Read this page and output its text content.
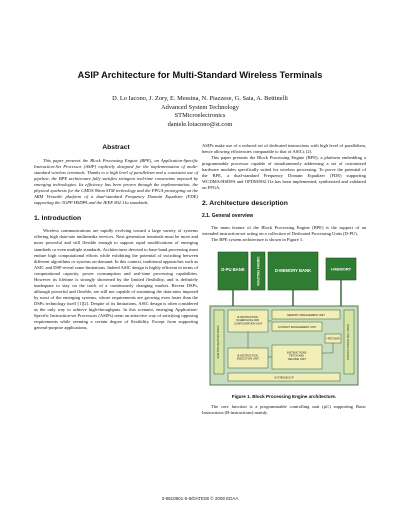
ASIP Architecture for Multi-Standard Wireless Terminals
D. Lo Iacono, J. Zory, E. Messina, N. Piazzese, G. Saia, A. Bettinelli
Advanced System Technology
STMicroelectronics
daniele.loiacono@st.com
Abstract

This paper presents the Block Processing Engine (BPE), an Application-Specific Instruction-Set Processor (ASIP) explicitly designed for the implementation of multi-standard wireless terminals. Thanks to a high level of parallelism and a consistent use of pipeline, the BPE architecture fully satisfies stringent real-time constraints imposed by emerging technologies. Its efficiency has been proven through the implementation, the physical synthesis for the CMOS 90nm STM technology and the FPGA prototyping on the ARM Versatile platform of a dual-standard Frequency Domain Equalizer (FDE) supporting the 3GPP HSDPA and the IEEE 802.11a standards.

1. Introduction

Wireless communications are rapidly evolving toward a large variety of systems offering high data-rate multimedia services. Next generation terminals must be more and more powerful and still flexible enough to support rapid modifications of emerging standards or even multiple standards. Architectures devoted to base-band processing must endure high computational efforts while exhibiting the potential of switching between different algorithms or systems on-demand. In this context, traditional approaches such as ASIC and DSP reveal some limitations. Indeed ASIC design is highly efficient in terms of computational capacity, power consumption and real-time processing capabilities. However its lifetime is strongly shortened by the limited flexibility, and is definitely inadequate to stay on the track of a continuously changing market. Recent DSPs, although powerful and flexible, are still not capable of sustaining the data-rates imposed by most of the emerging systems, whose requirements are growing even faster than the DSPs technology itself [1][2]. Despite of its limitations, ASIC design is often considered as the only way to achieve high-throughputs. In this scenario, emerging Application-Specific Instruction-set Processors (ASIPs) seem an attractive way of satisfying opposing requirements while seeming a certain degree of flexibility. Except from supporting general-purpose applications,

ASIPs make use of a reduced set of dedicated instructions with high level of parallelism, hence allowing efficiencies comparable to that of ASICs [2].

This paper presents the Block Processing Engine (BPE), a platform embedding a programmable processor capable of simultaneously addressing a set of customized hardware modules specifically suited for wireless processing. To prove the potential of the BPE, a dual-standard Frequency Domain Equalizer (FDE) supporting WCDMA/HSDPA and OFDM/802.11a has been implemented, synthesized and validated on FPGA.

2. Architecture description
2.1. General overview

The main feature of the Block Processing Engine (BPE) is the support of an extended instruction-set acting on a collection of Dedicated Processing Units (D-PU).

The BPE system architecture is shown in Figure 1.

D-PU BANK	ROUTING FABRIC	D-MEMORY BANK	I-MEMORY
DATA PIPE/REGISTER SPACE	CONTROL/STATUS REG. SPACE
B-INSTRUCTION SCHEDULING AND CONFIGURATION UNIT
MEMORY MANAGEMENT UNIT
CONTEXT MANAGEMENT UNIT
I-FETCHER
B-INSTRUCTION EXECUTION UNIT
INSTRUCTIONS FETCH AND DECODE UNIT
SYSTEM BUS IF
Figure 1. Block Processing Engine architecture.

The core function is a programmable controlling unit (µC) supporting Basic Instructions (B-instructions) mainly

3-9810801-5-9/DATE08 © 2008 EDAA
